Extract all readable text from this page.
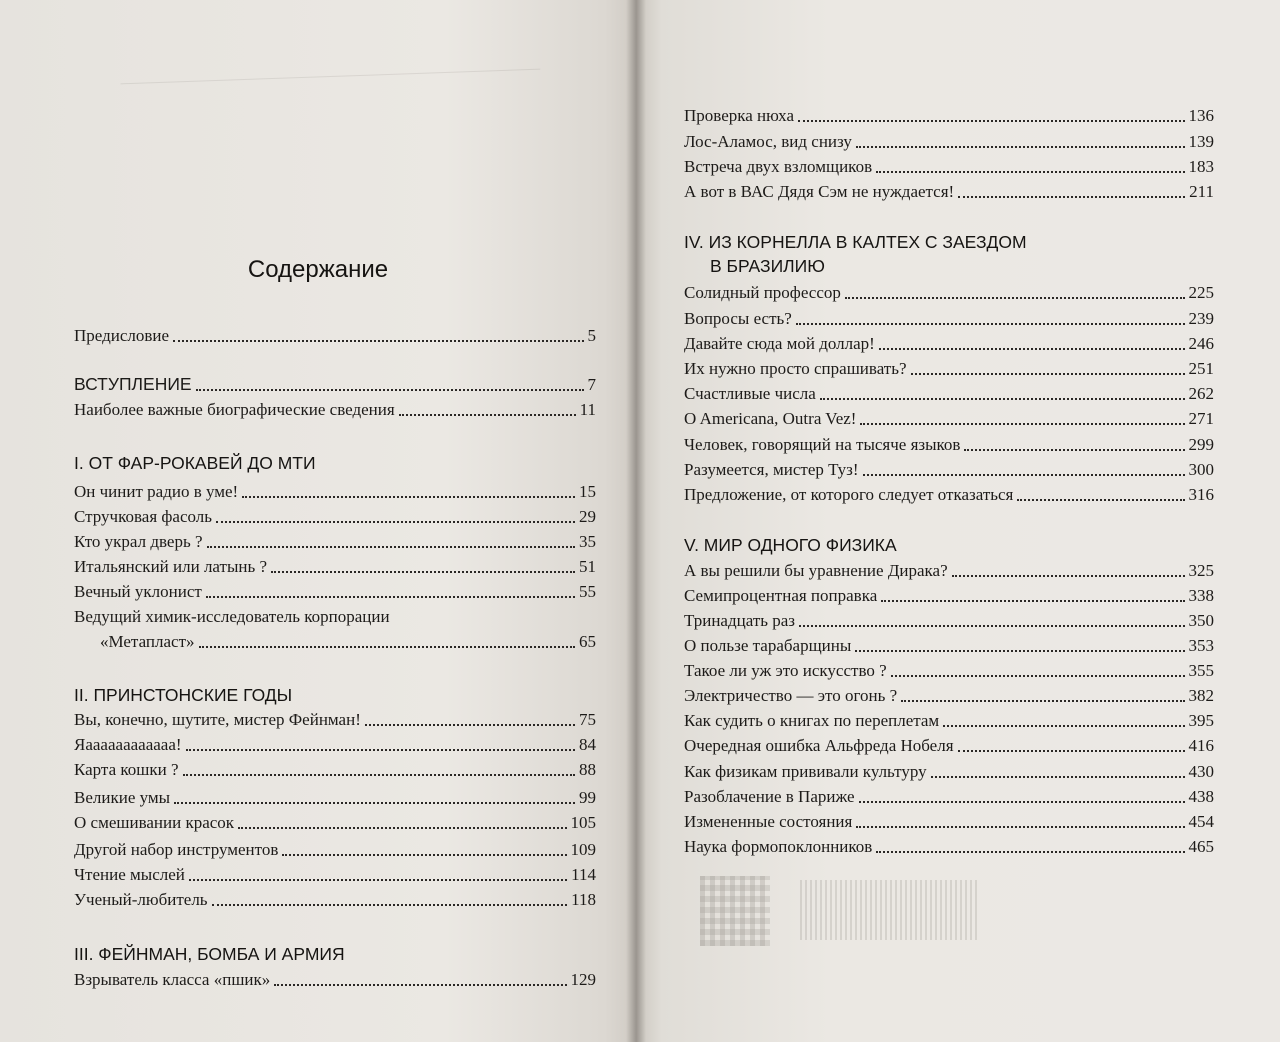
Содержание
Предисловие	5
ВСТУПЛЕНИЕ	7
Наиболее важные биографические сведения	11
I. ОТ ФАР-РОКАВЕЙ ДО МТИ
Он чинит радио в уме!	15
Стручковая фасоль	29
Кто украл дверь ?	35
Итальянский или латынь ?	51
Вечный уклонист	55
Ведущий химик-исследователь корпорации
«Метапласт»	65
II. ПРИНСТОНСКИЕ ГОДЫ
Вы, конечно, шутите, мистер Фейнман!	75
Яаааааааааааа!	84
Карта кошки ?	88
Великие умы	99
О смешивании красок	105
Другой набор инструментов	109
Чтение мыслей	114
Ученый-любитель	118
III. ФЕЙНМАН, БОМБА И АРМИЯ
Взрыватель класса «пшик»	129
Проверка нюха	136
Лос-Аламос, вид снизу	139
Встреча двух взломщиков	183
А вот в ВАС Дядя Сэм не нуждается!	211
IV. ИЗ КОРНЕЛЛА В КАЛТЕХ С ЗАЕЗДОМ
В БРАЗИЛИЮ
Солидный профессор	225
Вопросы есть?	239
Давайте сюда мой доллар!	246
Их нужно просто спрашивать?	251
Счастливые числа	262
O Americana, Outra Vez!	271
Человек, говорящий на тысяче языков	299
Разумеется, мистер Туз!	300
Предложение, от которого следует отказаться	316
V. МИР ОДНОГО ФИЗИКА
А вы решили бы уравнение Дирака?	325
Семипроцентная поправка	338
Тринадцать раз	350
О пользе тарабарщины	353
Такое ли уж это искусство ?	355
Электричество — это огонь ?	382
Как судить о книгах по переплетам	395
Очередная ошибка Альфреда Нобеля	416
Как физикам прививали культуру	430
Разоблачение в Париже	438
Измененные состояния	454
Наука формопоклонников	465
